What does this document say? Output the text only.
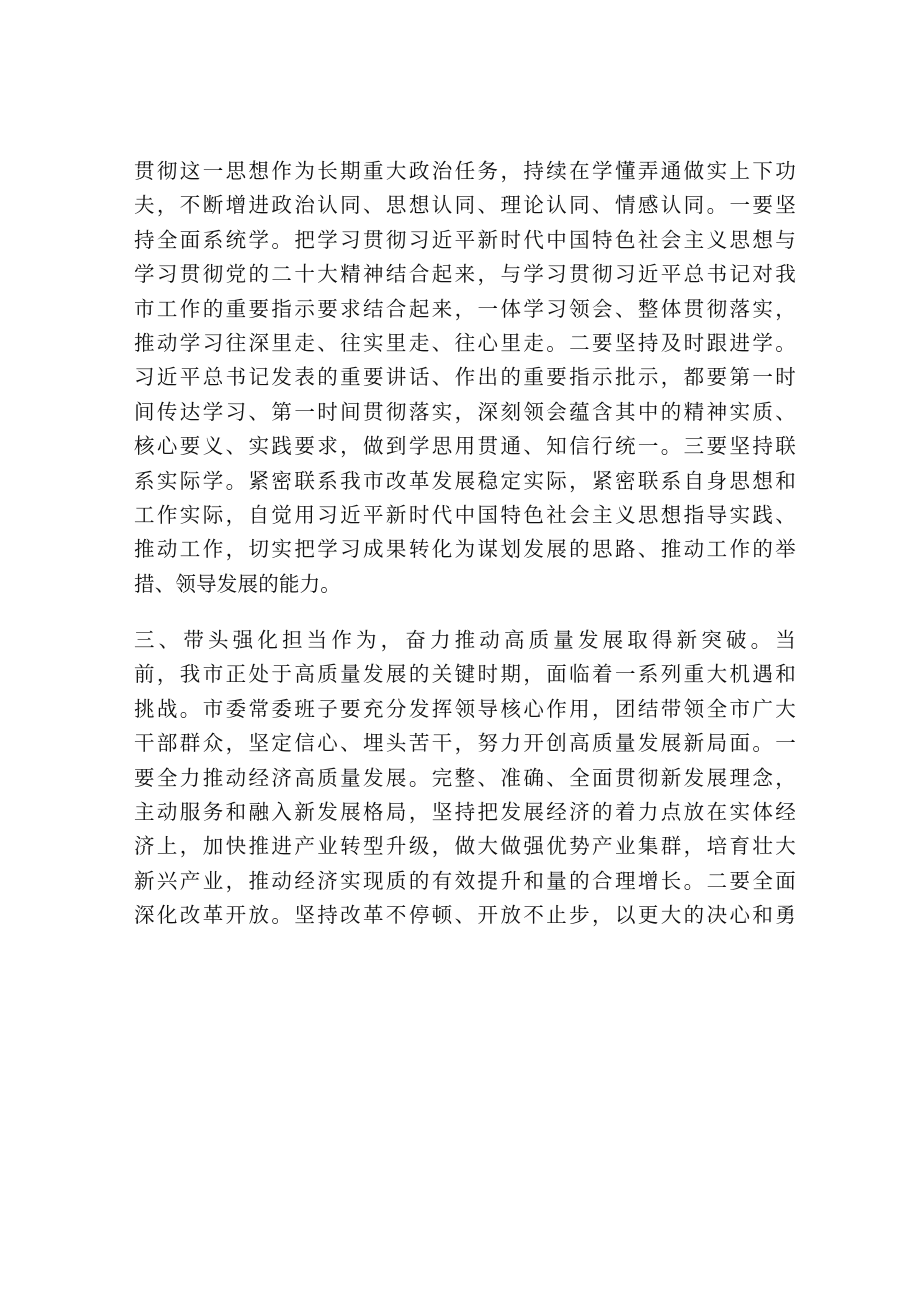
贯彻这一思想作为长期重大政治任务，持续在学懂弄通做实上下功
夫，不断增进政治认同、思想认同、理论认同、情感认同。一要坚
持全面系统学。把学习贯彻习近平新时代中国特色社会主义思想与
学习贯彻党的二十大精神结合起来，与学习贯彻习近平总书记对我
市工作的重要指示要求结合起来，一体学习领会、整体贯彻落实，
推动学习往深里走、往实里走、往心里走。二要坚持及时跟进学。
习近平总书记发表的重要讲话、作出的重要指示批示，都要第一时
间传达学习、第一时间贯彻落实，深刻领会蕴含其中的精神实质、
核心要义、实践要求，做到学思用贯通、知信行统一。三要坚持联
系实际学。紧密联系我市改革发展稳定实际，紧密联系自身思想和
工作实际，自觉用习近平新时代中国特色社会主义思想指导实践、
推动工作，切实把学习成果转化为谋划发展的思路、推动工作的举
措、领导发展的能力。
三、带头强化担当作为，奋力推动高质量发展取得新突破。当
前，我市正处于高质量发展的关键时期，面临着一系列重大机遇和
挑战。市委常委班子要充分发挥领导核心作用，团结带领全市广大
干部群众，坚定信心、埋头苦干，努力开创高质量发展新局面。一
要全力推动经济高质量发展。完整、准确、全面贯彻新发展理念，
主动服务和融入新发展格局，坚持把发展经济的着力点放在实体经
济上，加快推进产业转型升级，做大做强优势产业集群，培育壮大
新兴产业，推动经济实现质的有效提升和量的合理增长。二要全面
深化改革开放。坚持改革不停顿、开放不止步，以更大的决心和勇
